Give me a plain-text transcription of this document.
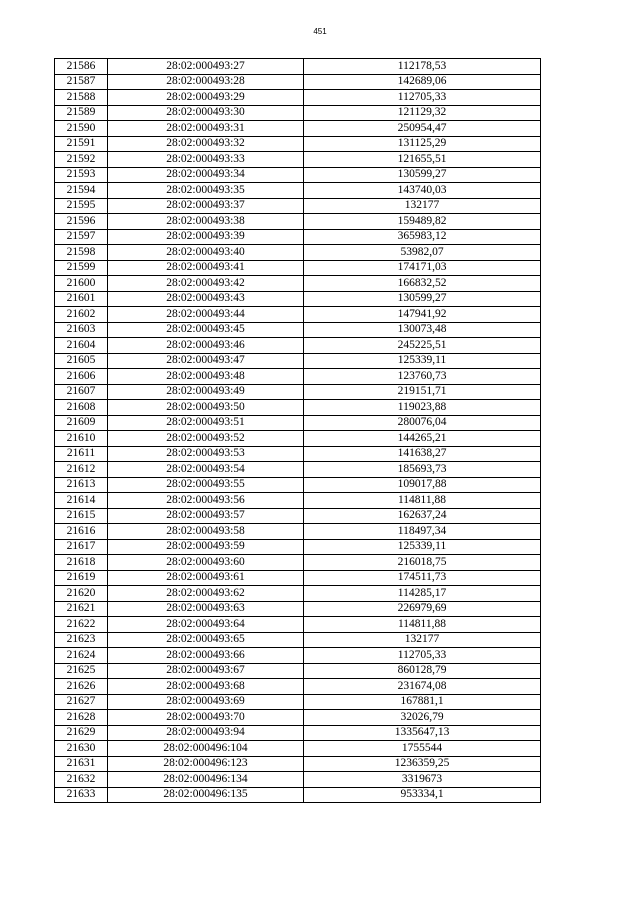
451
21586	28:02:000493:27	112178,53
21587	28:02:000493:28	142689,06
21588	28:02:000493:29	112705,33
21589	28:02:000493:30	121129,32
21590	28:02:000493:31	250954,47
21591	28:02:000493:32	131125,29
21592	28:02:000493:33	121655,51
21593	28:02:000493:34	130599,27
21594	28:02:000493:35	143740,03
21595	28:02:000493:37	132177
21596	28:02:000493:38	159489,82
21597	28:02:000493:39	365983,12
21598	28:02:000493:40	53982,07
21599	28:02:000493:41	174171,03
21600	28:02:000493:42	166832,52
21601	28:02:000493:43	130599,27
21602	28:02:000493:44	147941,92
21603	28:02:000493:45	130073,48
21604	28:02:000493:46	245225,51
21605	28:02:000493:47	125339,11
21606	28:02:000493:48	123760,73
21607	28:02:000493:49	219151,71
21608	28:02:000493:50	119023,88
21609	28:02:000493:51	280076,04
21610	28:02:000493:52	144265,21
21611	28:02:000493:53	141638,27
21612	28:02:000493:54	185693,73
21613	28:02:000493:55	109017,88
21614	28:02:000493:56	114811,88
21615	28:02:000493:57	162637,24
21616	28:02:000493:58	118497,34
21617	28:02:000493:59	125339,11
21618	28:02:000493:60	216018,75
21619	28:02:000493:61	174511,73
21620	28:02:000493:62	114285,17
21621	28:02:000493:63	226979,69
21622	28:02:000493:64	114811,88
21623	28:02:000493:65	132177
21624	28:02:000493:66	112705,33
21625	28:02:000493:67	860128,79
21626	28:02:000493:68	231674,08
21627	28:02:000493:69	167881,1
21628	28:02:000493:70	32026,79
21629	28:02:000493:94	1335647,13
21630	28:02:000496:104	1755544
21631	28:02:000496:123	1236359,25
21632	28:02:000496:134	3319673
21633	28:02:000496:135	953334,1
